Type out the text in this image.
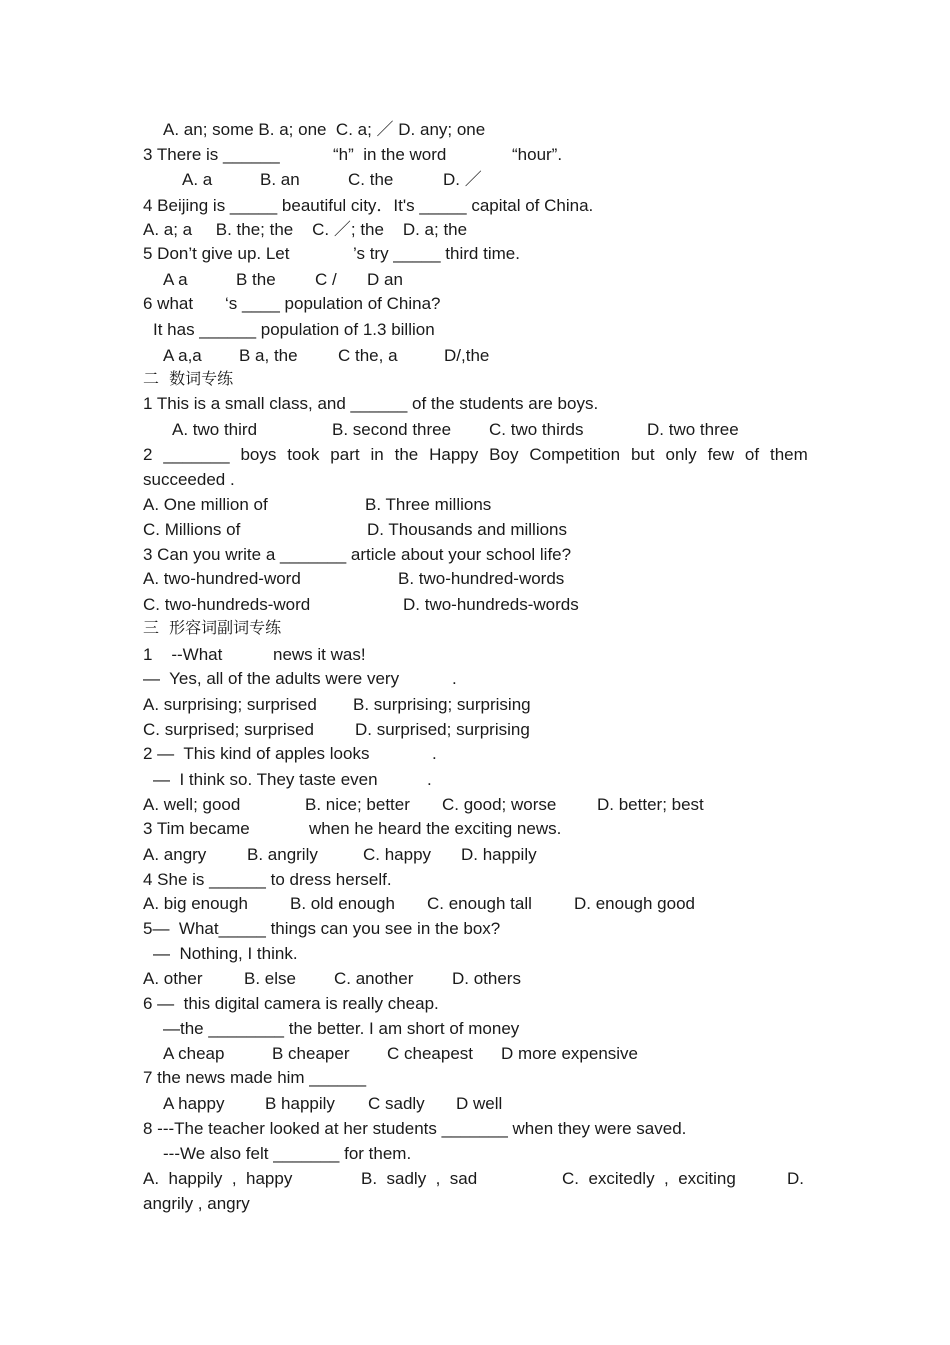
A. an; some B. a; one  C. a; ／ D. any; one

3 There is ______

	“h”  in the word

	“hour”.

A. a

	B. an

	C. the

	D. ／

4 Beijing is _____ beautiful city．It's _____ capital of China.

A. a; a     B. the; the    C. ／; the    D. a; the

5 Don’t give up. Let

	’s try _____ third time.

A a

	B the

C /

D an

6 what

‘s ____ population of China?

It has ______ population of 1.3 billion

A a,a

B a, the

C the, a

	D/,the

二  数词专练

1 This is a small class, and ______ of the students are boys.

A. two third

	B. second three

C. two thirds

	D. two three

2 _______ boys took part in the Happy Boy Competition but only few of them

succeeded .

A. One million of

	B. Three millions

C. Millions of

	D. Thousands and millions

3 Can you write a _______ article about your school life?

A. two-hundred-word

	B. two-hundred-words

C. two-hundreds-word

	D. two-hundreds-words

三  形容词副词专练

1    --What

	news it was!

—  Yes, all of the adults were very

	.

A. surprising; surprised

B. surprising; surprising

C. surprised; surprised

D. surprised; surprising

2 —  This kind of apples looks

	.

—  I think so. They taste even

	.

A. well; good

	B. nice; better

C. good; worse

D. better; best

3 Tim became

	when he heard the exciting news.

A. angry

B. angrily

	C. happy

D. happily

4 She is ______ to dress herself.

A. big enough

B. old enough

C. enough tall

D. enough good

5—  What_____ things can you see in the box?

—  Nothing, I think.

A. other

B. else

C. another

D. others

6 —  this digital camera is really cheap.

—the ________ the better. I am short of money

A cheap

	B cheaper

C cheapest

D more expensive

7 the news made him ______

A happy

B happily

C sadly

D well

8 ---The teacher looked at her students _______ when they were saved.

---We also felt _______ for them.

A.  happily  ,  happy

	B.  sadly  ,  sad

	C.  excitedly  ,  exciting

	D.

angrily , angry
